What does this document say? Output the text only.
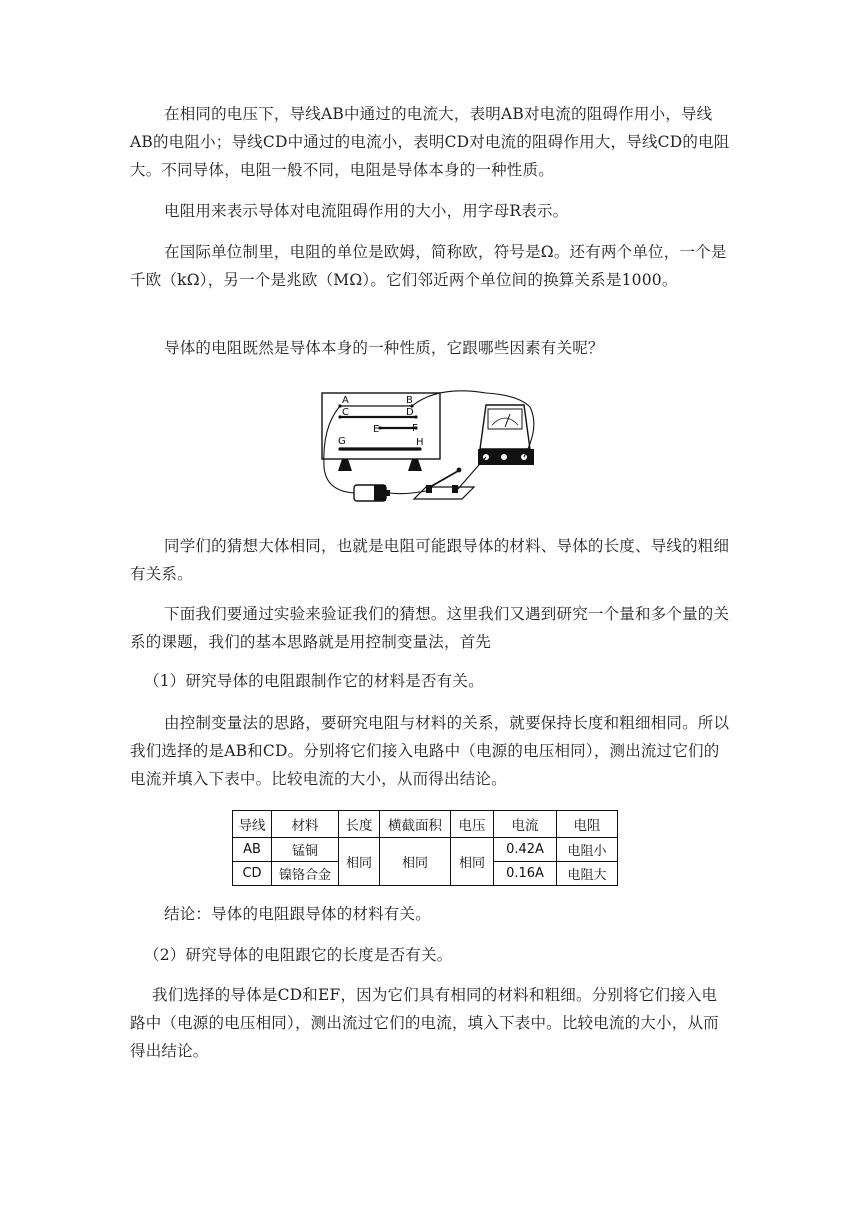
在相同的电压下，导线AB中通过的电流大，表明AB对电流的阻碍作用小，导线AB的电阻小；导线CD中通过的电流小，表明CD对电流的阻碍作用大，导线CD的电阻大。不同导体，电阻一般不同，电阻是导体本身的一种性质。

电阻用来表示导体对电流阻碍作用的大小，用字母R表示。

在国际单位制里，电阻的单位是欧姆，简称欧，符号是Ω。还有两个单位，一个是千欧（kΩ），另一个是兆欧（MΩ）。它们邻近两个单位间的换算关系是1000。

导体的电阻既然是导体本身的一种性质，它跟哪些因素有关呢？

A	B
C	D
E	F
G	H

同学们的猜想大体相同，也就是电阻可能跟导体的材料、导体的长度、导线的粗细有关系。

下面我们要通过实验来验证我们的猜想。这里我们又遇到研究一个量和多个量的关系的课题，我们的基本思路就是用控制变量法，首先

（1）研究导体的电阻跟制作它的材料是否有关。

由控制变量法的思路，要研究电阻与材料的关系，就要保持长度和粗细相同。所以我们选择的是AB和CD。分别将它们接入电路中（电源的电压相同），测出流过它们的电流并填入下表中。比较电流的大小，从而得出结论。

导线	材料	长度	横截面积	电压	电流	电阻
AB	锰铜	相同	相同	相同	0.42A	电阻小
CD	镍铬合金				0.16A	电阻大

结论：导体的电阻跟导体的材料有关。

（2）研究导体的电阻跟它的长度是否有关。

我们选择的导体是CD和EF，因为它们具有相同的材料和粗细。分别将它们接入电路中（电源的电压相同），测出流过它们的电流，填入下表中。比较电流的大小，从而得出结论。
